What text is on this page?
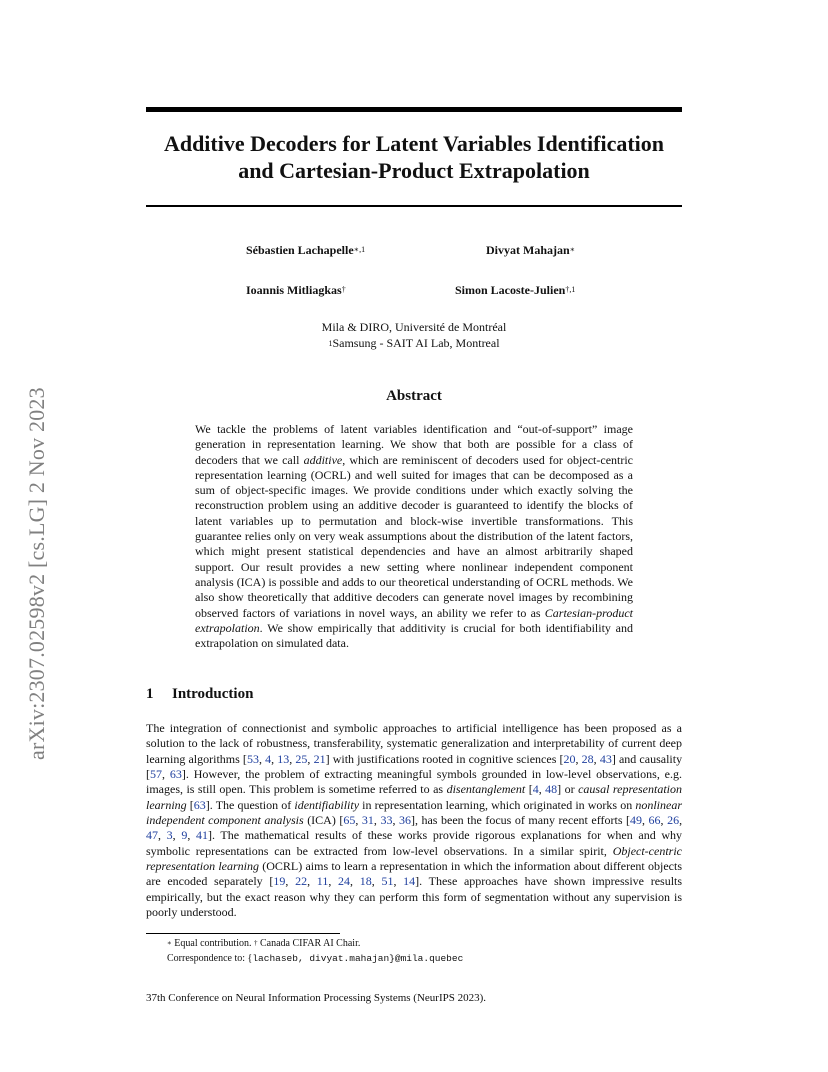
arXiv:2307.02598v2 [cs.LG] 2 Nov 2023
Additive Decoders for Latent Variables Identification
and Cartesian-Product Extrapolation
Sébastien Lachapelle$^{∗,1}$	Divyat Mahajan∗
Ioannis Mitliagkas†	Simon Lacoste-Julien$^{\dagger,1}$
Mila & DIRO, Université de Montréal
$^1$Samsung - SAIT AI Lab, Montreal
Abstract

We tackle the problems of latent variables identification and “out-of-support” image generation in representation learning. We show that both are possible for a class of decoders that we call additive, which are reminiscent of decoders used for object-centric representation learning (OCRL) and well suited for images that can be decomposed as a sum of object-specific images. We provide conditions under which exactly solving the reconstruction problem using an additive decoder is guaranteed to identify the blocks of latent variables up to permutation and block-wise invertible transformations. This guarantee relies only on very weak assumptions about the distribution of the latent factors, which might present statistical dependencies and have an almost arbitrarily shaped support. Our result provides a new setting where nonlinear independent component analysis (ICA) is possible and adds to our theoretical understanding of OCRL methods. We also show theoretically that additive decoders can generate novel images by recombining observed factors of variations in novel ways, an ability we refer to as Cartesian-product extrapolation. We show empirically that additivity is crucial for both identifiability and extrapolation on simulated data.

1 Introduction

The integration of connectionist and symbolic approaches to artificial intelligence has been proposed as a solution to the lack of robustness, transferability, systematic generalization and interpretability of current deep learning algorithms [53, 4, 13, 25, 21] with justifications rooted in cognitive sciences [20, 28, 43] and causality [57, 63]. However, the problem of extracting meaningful symbols grounded in low-level observations, e.g. images, is still open. This problem is sometime referred to as disentanglement [4, 48] or causal representation learning [63]. The question of identifiability in representation learning, which originated in works on nonlinear independent component analysis (ICA) [65, 31, 33, 36], has been the focus of many recent efforts [49, 66, 26, 47, 3, 9, 41]. The mathematical results of these works provide rigorous explanations for when and why symbolic representations can be extracted from low-level observations. In a similar spirit, Object-centric representation learning (OCRL) aims to learn a representation in which the information about different objects are encoded separately [19, 22, 11, 24, 18, 51, 14]. These approaches have shown impressive results empirically, but the exact reason why they can perform this form of segmentation without any supervision is poorly understood.

∗ Equal contribution. † Canada CIFAR AI Chair.
Correspondence to: {lachaseb, divyat.mahajan}@mila.quebec
37th Conference on Neural Information Processing Systems (NeurIPS 2023).
